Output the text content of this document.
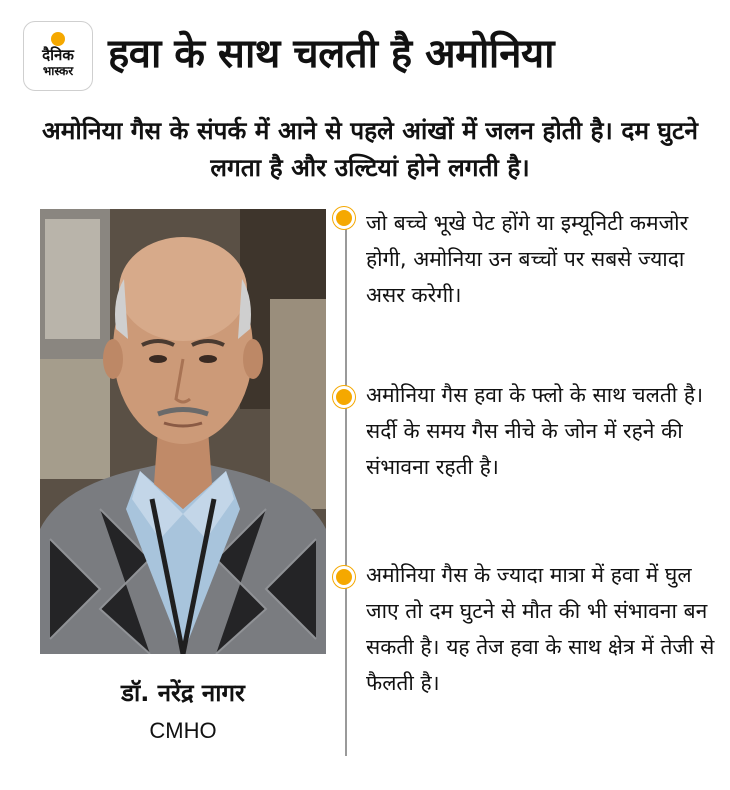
दैनिक
भास्कर हवा के साथ चलती है अमोनिया
अमोनिया गैस के संपर्क में आने से पहले आंखों में जलन होती है। दम घुटने लगता है और उल्टियां होने लगती है।
डॉ. नरेंद्र नागर
CMHO
जो बच्चे भूखे पेट होंगे या इम्यूनिटी कमजोर होगी, अमोनिया उन बच्चों पर सबसे ज्यादा असर करेगी।
अमोनिया गैस हवा के फ्लो के साथ चलती है। सर्दी के समय गैस नीचे के जोन में रहने की संभावना रहती है।
अमोनिया गैस के ज्यादा मात्रा में हवा में घुल जाए तो दम घुटने से मौत की भी संभावना बन सकती है। यह तेज हवा के साथ क्षेत्र में तेजी से फैलती है।
